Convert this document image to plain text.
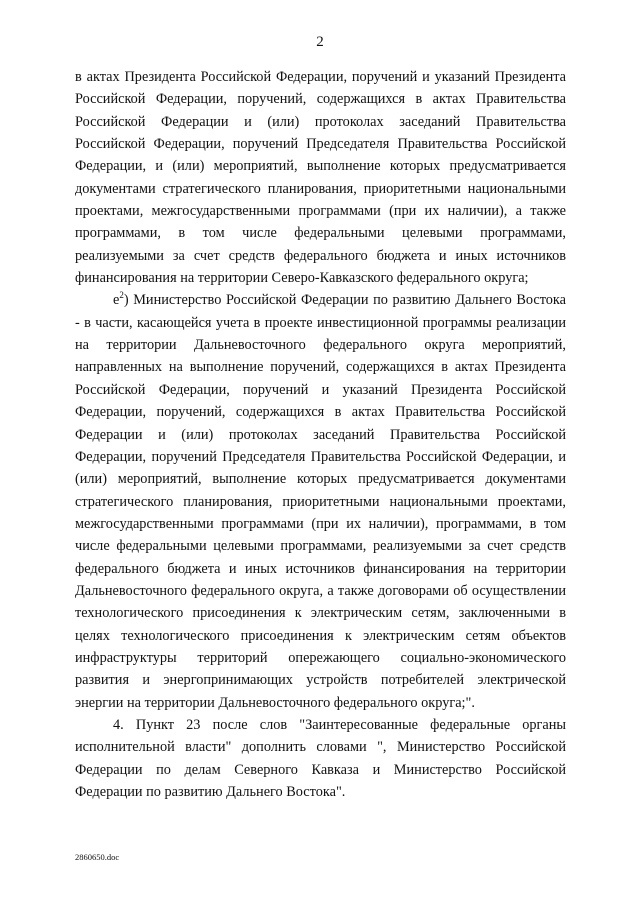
2

в актах Президента Российской Федерации, поручений и указаний Президента Российской Федерации, поручений, содержащихся в актах Правительства Российской Федерации и (или) протоколах заседаний Правительства Российской Федерации, поручений Председателя Правительства Российской Федерации, и (или) мероприятий, выполнение которых предусматривается документами стратегического планирования, приоритетными национальными проектами, межгосударственными программами (при их наличии), а также программами, в том числе федеральными целевыми программами, реализуемыми за счет средств федерального бюджета и иных источников финансирования на территории Северо-Кавказского федерального округа;

$е^2$) Министерство Российской Федерации по развитию Дальнего Востока - в части, касающейся учета в проекте инвестиционной программы реализации на территории Дальневосточного федерального округа мероприятий, направленных на выполнение поручений, содержащихся в актах Президента Российской Федерации, поручений и указаний Президента Российской Федерации, поручений, содержащихся в актах Правительства Российской Федерации и (или) протоколах заседаний Правительства Российской Федерации, поручений Председателя Правительства Российской Федерации, и (или) мероприятий, выполнение которых предусматривается документами стратегического планирования, приоритетными национальными проектами, межгосударственными программами (при их наличии), программами, в том числе федеральными целевыми программами, реализуемыми за счет средств федерального бюджета и иных источников финансирования на территории Дальневосточного федерального округа, а также договорами об осуществлении технологического присоединения к электрическим сетям, заключенными в целях технологического присоединения к электрическим сетям объектов инфраструктуры территорий опережающего социально-экономического развития и энергопринимающих устройств потребителей электрической энергии на территории Дальневосточного федерального округа;".

4. Пункт 23 после слов "Заинтересованные федеральные органы исполнительной власти" дополнить словами ", Министерство Российской Федерации по делам Северного Кавказа и Министерство Российской Федерации по развитию Дальнего Востока".

2860650.doc
